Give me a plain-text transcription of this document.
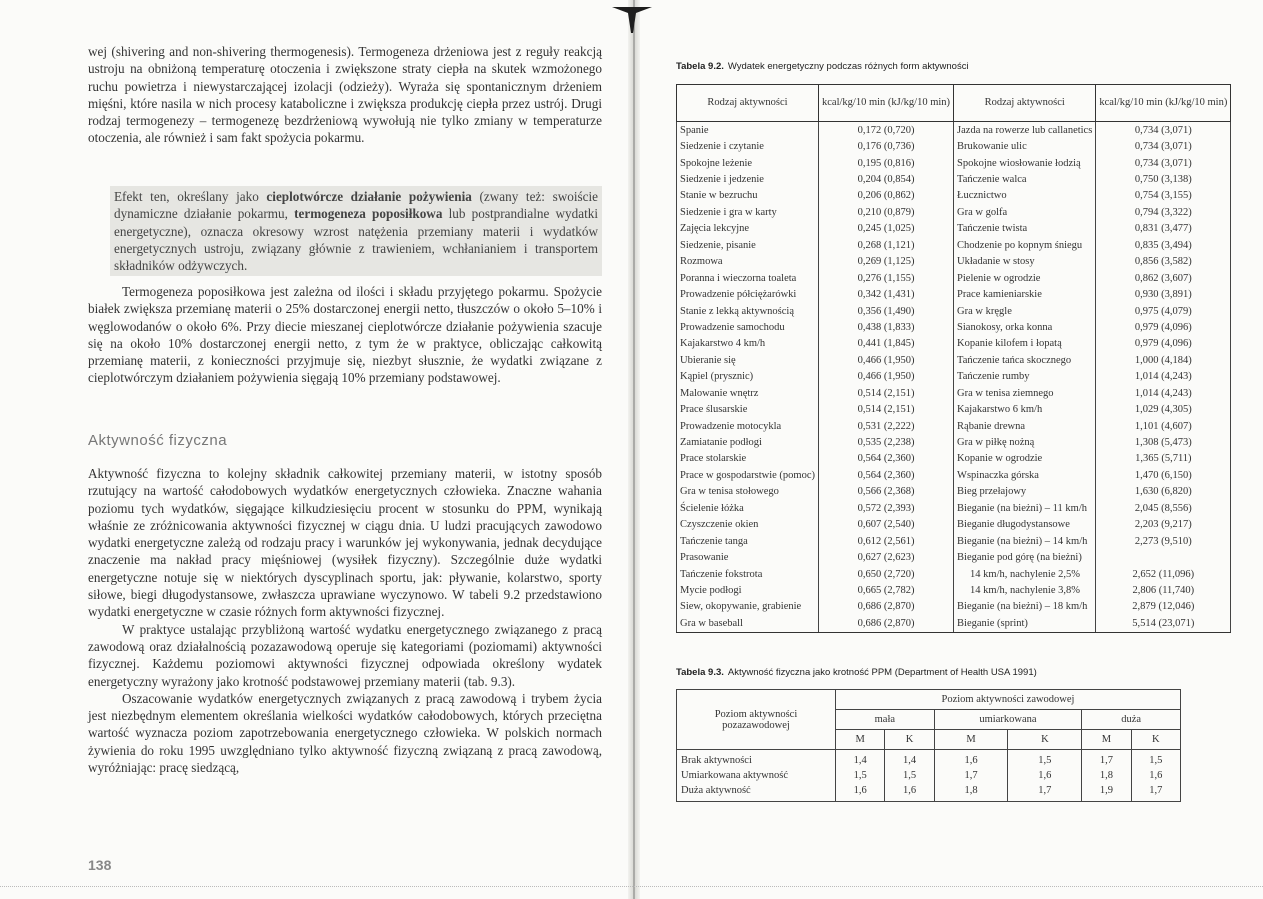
wej (shivering and non-shivering thermogenesis). Termogeneza drżeniowa jest z reguły reakcją ustroju na obniżoną temperaturę otoczenia i zwiększone straty ciepła na skutek wzmożonego ruchu powietrza i niewystarczającej izolacji (odzieży). Wyraża się spontanicznym drżeniem mięśni, które nasila w nich procesy kataboliczne i zwiększa produkcję ciepła przez ustrój. Drugi rodzaj termogenezy – termogenezę bezdrżeniową wywołują nie tylko zmiany w temperaturze otoczenia, ale również i sam fakt spożycia pokarmu.
Efekt ten, określany jako cieplotwórcze działanie pożywienia (zwany też: swoiście dynamiczne działanie pokarmu, termogeneza poposiłkowa lub postprandialne wydatki energetyczne), oznacza okresowy wzrost natężenia przemiany materii i wydatków energetycznych ustroju, związany głównie z trawieniem, wchłanianiem i transportem składników odżywczych.
Termogeneza poposiłkowa jest zależna od ilości i składu przyjętego pokarmu. Spożycie białek zwiększa przemianę materii o 25% dostarczonej energii netto, tłuszczów o około 5–10% i węglowodanów o około 6%. Przy diecie mieszanej cieplotwórcze działanie pożywienia szacuje się na około 10% dostarczonej energii netto, z tym że w praktyce, obliczając całkowitą przemianę materii, z konieczności przyjmuje się, niezbyt słusznie, że wydatki związane z cieplotwórczym działaniem pożywienia sięgają 10% przemiany podstawowej.
Aktywność fizyczna

Aktywność fizyczna to kolejny składnik całkowitej przemiany materii, w istotny sposób rzutujący na wartość całodobowych wydatków energetycznych człowieka. Znaczne wahania poziomu tych wydatków, sięgające kilkudziesięciu procent w stosunku do PPM, wynikają właśnie ze zróżnicowania aktywności fizycznej w ciągu dnia. U ludzi pracujących zawodowo wydatki energetyczne zależą od rodzaju pracy i warunków jej wykonywania, jednak decydujące znaczenie ma nakład pracy mięśniowej (wysiłek fizyczny). Szczególnie duże wydatki energetyczne notuje się w niektórych dyscyplinach sportu, jak: pływanie, kolarstwo, sporty siłowe, biegi długodystansowe, zwłaszcza uprawiane wyczynowo. W tabeli 9.2 przedstawiono wydatki energetyczne w czasie różnych form aktywności fizycznej.

W praktyce ustalając przybliżoną wartość wydatku energetycznego związanego z pracą zawodową oraz działalnością pozazawodową operuje się kategoriami (poziomami) aktywności fizycznej. Każdemu poziomowi aktywności fizycznej odpowiada określony wydatek energetyczny wyrażony jako krotność podstawowej przemiany materii (tab. 9.3).

Oszacowanie wydatków energetycznych związanych z pracą zawodową i trybem życia jest niezbędnym elementem określania wielkości wydatków całodobowych, których przeciętna wartość wyznacza poziom zapotrzebowania energetycznego człowieka. W polskich normach żywienia do roku 1995 uwzględniano tylko aktywność fizyczną związaną z pracą zawodową, wyróżniając: pracę siedzącą,

138
Tabela 9.2. Wydatek energetyczny podczas różnych form aktywności
Rodzaj aktywności	kcal/kg/10 min (kJ/kg/10 min)	Rodzaj aktywności	kcal/kg/10 min (kJ/kg/10 min)
Spanie	0,172 (0,720)	Jazda na rowerze lub callanetics	0,734 (3,071)
Siedzenie i czytanie	0,176 (0,736)	Brukowanie ulic	0,734 (3,071)
Spokojne leżenie	0,195 (0,816)	Spokojne wiosłowanie łodzią	0,734 (3,071)
Siedzenie i jedzenie	0,204 (0,854)	Tańczenie walca	0,750 (3,138)
Stanie w bezruchu	0,206 (0,862)	Łucznictwo	0,754 (3,155)
Siedzenie i gra w karty	0,210 (0,879)	Gra w golfa	0,794 (3,322)
Zajęcia lekcyjne	0,245 (1,025)	Tańczenie twista	0,831 (3,477)
Siedzenie, pisanie	0,268 (1,121)	Chodzenie po kopnym śniegu	0,835 (3,494)
Rozmowa	0,269 (1,125)	Układanie w stosy	0,856 (3,582)
Poranna i wieczorna toaleta	0,276 (1,155)	Pielenie w ogrodzie	0,862 (3,607)
Prowadzenie półciężarówki	0,342 (1,431)	Prace kamieniarskie	0,930 (3,891)
Stanie z lekką aktywnością	0,356 (1,490)	Gra w kręgle	0,975 (4,079)
Prowadzenie samochodu	0,438 (1,833)	Sianokosy, orka konna	0,979 (4,096)
Kajakarstwo 4 km/h	0,441 (1,845)	Kopanie kilofem i łopatą	0,979 (4,096)
Ubieranie się	0,466 (1,950)	Tańczenie tańca skocznego	1,000 (4,184)
Kąpiel (prysznic)	0,466 (1,950)	Tańczenie rumby	1,014 (4,243)
Malowanie wnętrz	0,514 (2,151)	Gra w tenisa ziemnego	1,014 (4,243)
Prace ślusarskie	0,514 (2,151)	Kajakarstwo 6 km/h	1,029 (4,305)
Prowadzenie motocykla	0,531 (2,222)	Rąbanie drewna	1,101 (4,607)
Zamiatanie podłogi	0,535 (2,238)	Gra w piłkę nożną	1,308 (5,473)
Prace stolarskie	0,564 (2,360)	Kopanie w ogrodzie	1,365 (5,711)
Prace w gospodarstwie (pomoc)	0,564 (2,360)	Wspinaczka górska	1,470 (6,150)
Gra w tenisa stołowego	0,566 (2,368)	Bieg przełajowy	1,630 (6,820)
Ścielenie łóżka	0,572 (2,393)	Bieganie (na bieżni) – 11 km/h	2,045 (8,556)
Czyszczenie okien	0,607 (2,540)	Bieganie długodystansowe	2,203 (9,217)
Tańczenie tanga	0,612 (2,561)	Bieganie (na bieżni) – 14 km/h	2,273 (9,510)
Prasowanie	0,627 (2,623)	Bieganie pod górę (na bieżni)	
Tańczenie fokstrota	0,650 (2,720)	14 km/h, nachylenie 2,5%	2,652 (11,096)
Mycie podłogi	0,665 (2,782)	14 km/h, nachylenie 3,8%	2,806 (11,740)
Siew, okopywanie, grabienie	0,686 (2,870)	Bieganie (na bieżni) – 18 km/h	2,879 (12,046)
Gra w baseball	0,686 (2,870)	Bieganie (sprint)	5,514 (23,071)
Tabela 9.3. Aktywność fizyczna jako krotność PPM (Department of Health USA 1991)
Poziom aktywności pozazawodowej	Poziom aktywności zawodowej					
	mała		umiarkowana		duża	
	M	K	M	K	M	K
Brak aktywności	1,4	1,4	1,6	1,5	1,7	1,5
Umiarkowana aktywność	1,5	1,5	1,7	1,6	1,8	1,6
Duża aktywność	1,6	1,6	1,8	1,7	1,9	1,7
